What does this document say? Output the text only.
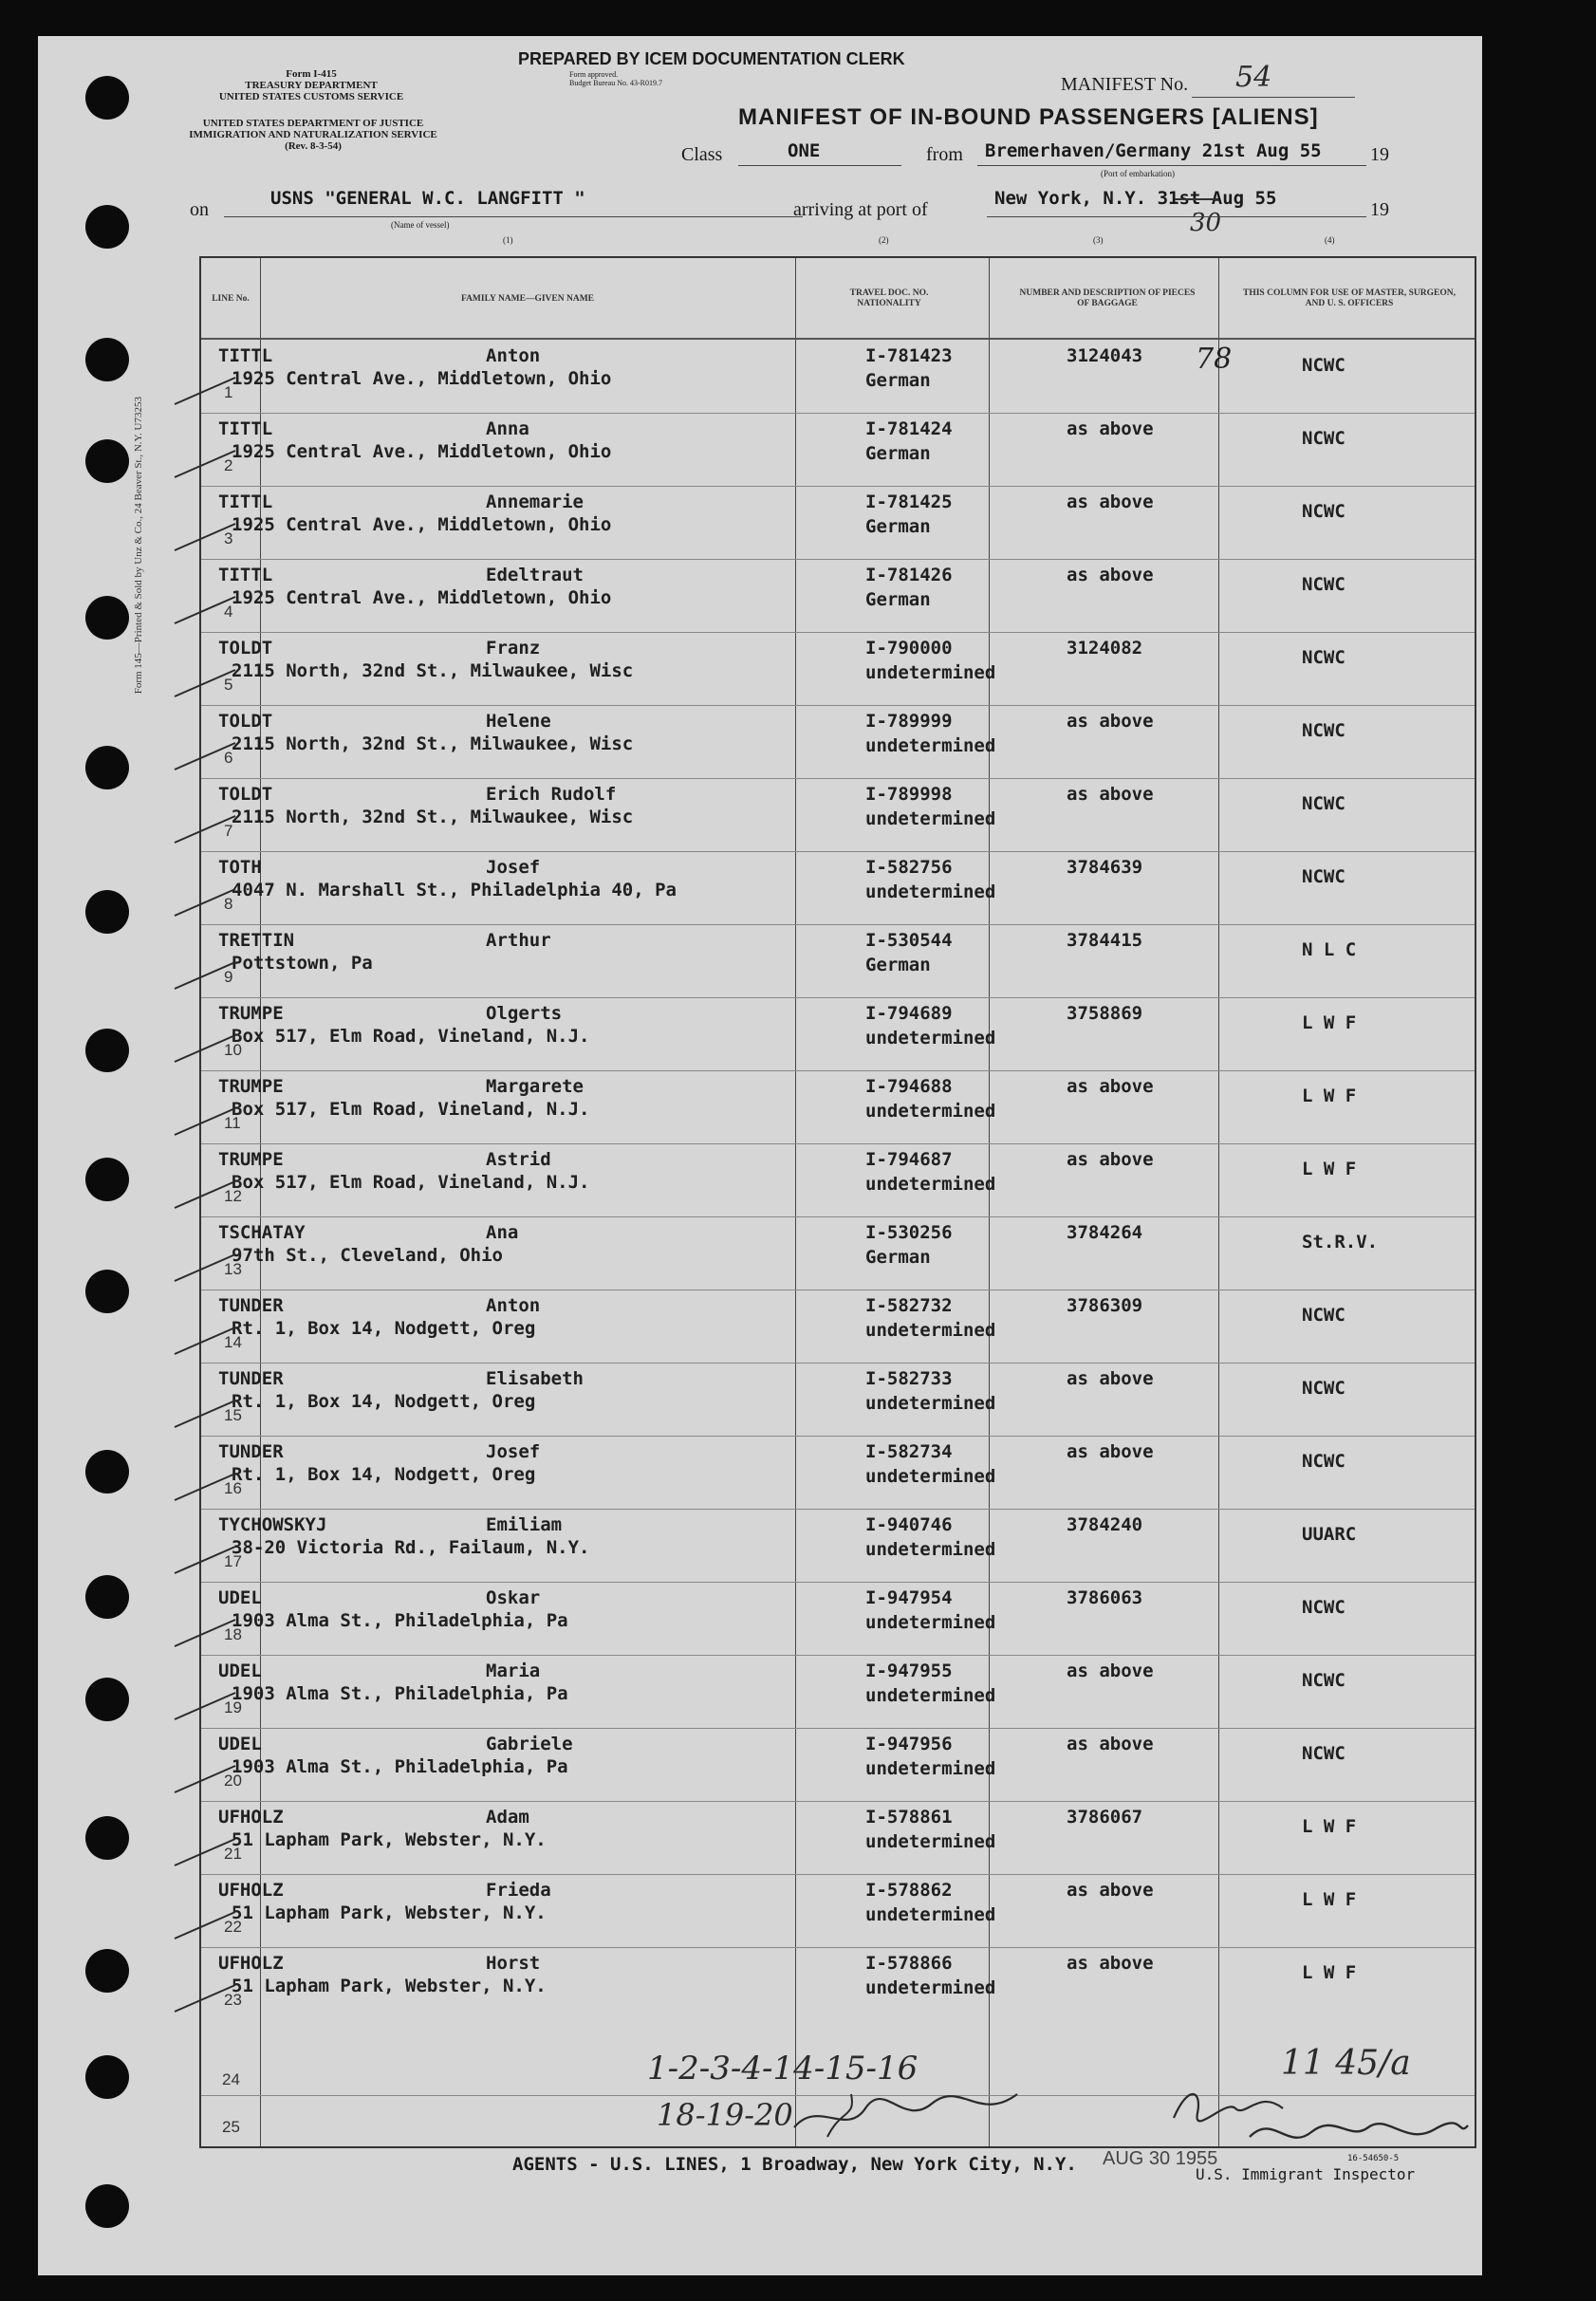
Form 145—Printed & Sold by Unz & Co., 24 Beaver St., N.Y. U73253
PREPARED BY ICEM DOCUMENTATION CLERK
Form I-415
TREASURY DEPARTMENT
UNITED STATES CUSTOMS SERVICE
UNITED STATES DEPARTMENT OF JUSTICE
IMMIGRATION AND NATURALIZATION SERVICE
(Rev. 8-3-54)
Form approved.
Budget Bureau No. 43-R019.7	MANIFEST No. 54
MANIFEST OF IN-BOUND PASSENGERS [ALIENS]
Class	ONE	from Bremerhaven/Germany 21st Aug 55	19
(Port of embarkation)
on
USNS "GENERAL W.C. LANGFITT "
(Name of vessel)
(1)
arriving at port of
New York, N.Y. 31st Aug 55
30	19
(2)	(3)	(4)
LINE No.	FAMILY NAME—GIVEN NAME
TRAVEL DOC. NO. NATIONALITY
NUMBER AND DESCRIPTION OF PIECES OF BAGGAGE
THIS COLUMN FOR USE OF MASTER, SURGEON, AND U. S. OFFICERS
1
TITTL	Anton
1925 Central Ave., Middletown, Ohio
I-781423
German
3124043 78	NCWC
2
TITTL	Anna
1925 Central Ave., Middletown, Ohio
I-781424
German
as above	NCWC
3
TITTL	Annemarie
1925 Central Ave., Middletown, Ohio
I-781425
German
as above	NCWC
4
TITTL	Edeltraut
1925 Central Ave., Middletown, Ohio
I-781426
German
as above	NCWC
5
TOLDT	Franz
2115 North, 32nd St., Milwaukee, Wisc
I-790000
undetermined
3124082	NCWC
6
TOLDT	Helene
2115 North, 32nd St., Milwaukee, Wisc
I-789999
undetermined
as above	NCWC
7
TOLDT	Erich Rudolf
2115 North, 32nd St., Milwaukee, Wisc
I-789998
undetermined
as above	NCWC
8
TOTH	Josef
4047 N. Marshall St., Philadelphia 40, Pa
I-582756
undetermined
3784639	NCWC
9
TRETTIN	Arthur
Pottstown, Pa
I-530544
German
3784415	N L C
10
TRUMPE	Olgerts
Box 517, Elm Road, Vineland, N.J.
I-794689
undetermined
3758869	L W F
11
TRUMPE	Margarete
Box 517, Elm Road, Vineland, N.J.
I-794688
undetermined
as above	L W F
12
TRUMPE	Astrid
Box 517, Elm Road, Vineland, N.J.
I-794687
undetermined
as above	L W F
13
TSCHATAY	Ana
97th St., Cleveland, Ohio
I-530256
German
3784264	St.R.V.
14
TUNDER	Anton
Rt. 1, Box 14, Nodgett, Oreg
I-582732
undetermined
3786309	NCWC
15
TUNDER	Elisabeth
Rt. 1, Box 14, Nodgett, Oreg
I-582733
undetermined
as above	NCWC
16
TUNDER	Josef
Rt. 1, Box 14, Nodgett, Oreg
I-582734
undetermined
as above	NCWC
17
TYCHOWSKYJ	Emiliam
38-20 Victoria Rd., Failaum, N.Y.
I-940746
undetermined
3784240	UUARC
18
UDEL	Oskar
1903 Alma St., Philadelphia, Pa
I-947954
undetermined
3786063	NCWC
19
UDEL	Maria
1903 Alma St., Philadelphia, Pa
I-947955
undetermined
as above	NCWC
20
UDEL	Gabriele
1903 Alma St., Philadelphia, Pa
I-947956
undetermined
as above	NCWC
21
UFHOLZ	Adam
51 Lapham Park, Webster, N.Y.
I-578861
undetermined
3786067	L W F
22
UFHOLZ	Frieda
51 Lapham Park, Webster, N.Y.
I-578862
undetermined
as above	L W F
23
UFHOLZ	Horst
51 Lapham Park, Webster, N.Y.
I-578866
undetermined
as above	L W F
24
25
1-2-3-4-14-15-16
18-19-20
11 45/a
AUG 30 1955
AGENTS - U.S. LINES, 1 Broadway, New York City, N.Y.	U.S. Immigrant Inspector
16-54650-5
